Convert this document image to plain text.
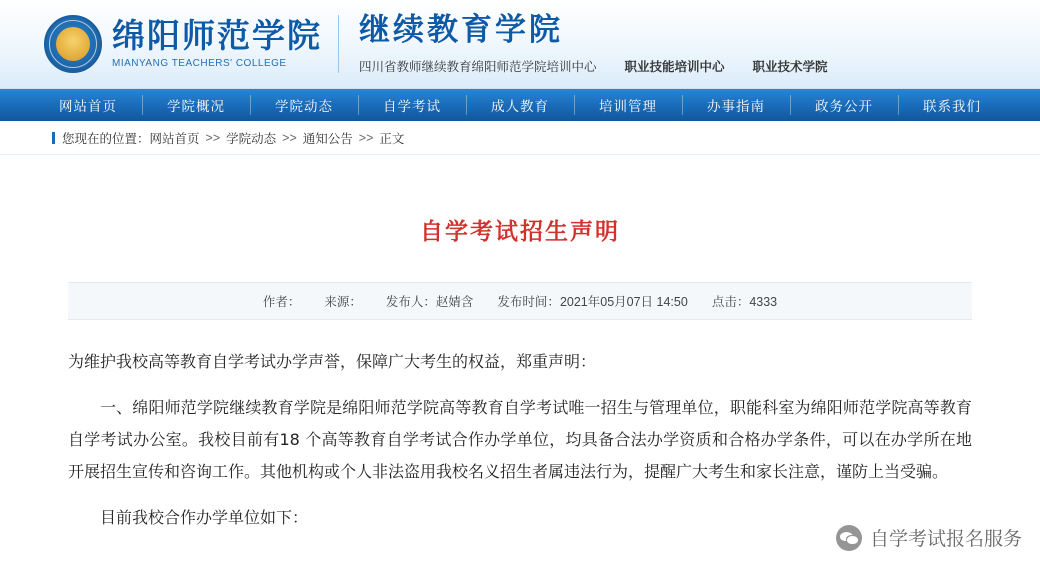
绵阳师范学院
MIANYANG TEACHERS' COLLEGE
继续教育学院
四川省教师继续教育绵阳师范学院培训中心 职业技能培训中心 职业技术学院
网站首页	学院概况	学院动态	自学考试	成人教育	培训管理	办事指南	政务公开	联系我们
您现在的位置： 网站首页 >> 学院动态 >> 通知公告 >> 正文
自学考试招生声明
作者： 来源： 发布人：赵婧含 发布时间：2021年05月07日 14:50 点击：4333

为维护我校高等教育自学考试办学声誉，保障广大考生的权益，郑重声明：

一、绵阳师范学院继续教育学院是绵阳师范学院高等教育自学考试唯一招生与管理单位，职能科室为绵阳师范学院高等教育自学考试办公室。我校目前有18 个高等教育自学考试合作办学单位，均具备合法办学资质和合格办学条件，可以在办学所在地开展招生宣传和咨询工作。其他机构或个人非法盗用我校名义招生者属违法行为，提醒广大考生和家长注意，谨防上当受骗。

目前我校合作办学单位如下：

自学考试报名服务
